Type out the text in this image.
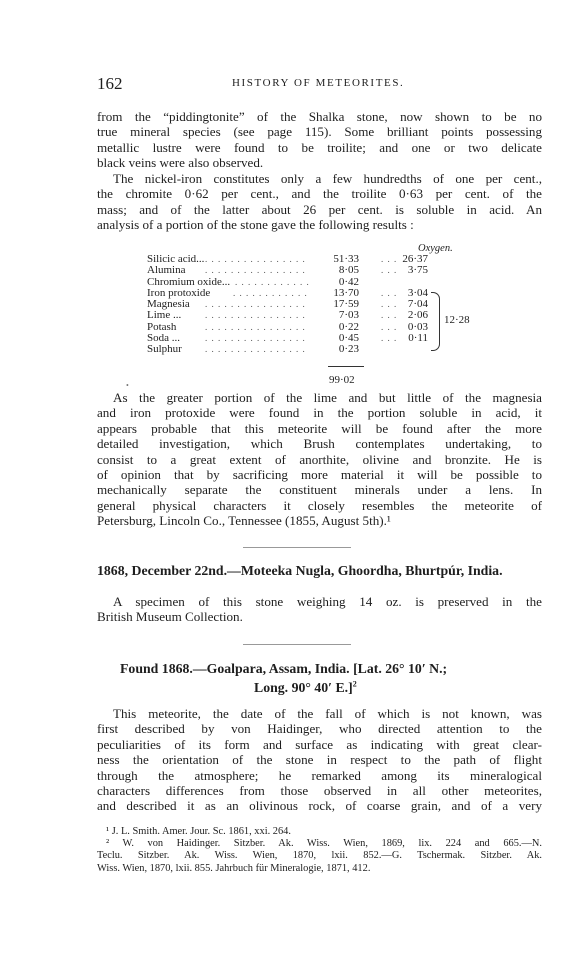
162	HISTORY OF METEORITES.
from the “piddingtonite” of the Shalka stone, now shown to be no
true mineral species (see page 115). Some brilliant points possessing
metallic lustre were found to be troilite; and one or two delicate
black veins were also observed.
The nickel-iron constitutes only a few hundredths of one per cent.,
the chromite 0·62 per cent., and the troilite 0·63 per cent. of the
mass; and of the latter about 26 per cent. is soluble in acid. An
analysis of a portion of the stone gave the following results :
Oxygen.
Silicic acid... . . . . . . . . . . . . . . . .	51·33 . . . 26·37
Alumina . . . . . . . . . . . . . . . .	8·05 . . . 3·75
Chromium oxide... . . . . . . . . . . . .	0·42
Iron protoxide	. . . . . . . . . . . .	13·70 . . . 3·04
Magnesia . . . . . . . . . . . . . . . .	17·59 . . . 7·04
Lime ...	. . . . . . . . . . . . . . . .	7·03 . . . 2·06
Potash	. . . . . . . . . . . . . . . .	0·22 . . . 0·03
Soda ...	. . . . . . . . . . . . . . . .	0·45 . . . 0·11
Sulphur	. . . . . . . . . . . . . . . .	0·23
12·28
99·02
•
As the greater portion of the lime and but little of the magnesia
and iron protoxide were found in the portion soluble in acid, it
appears probable that this meteorite will be found after the more
detailed investigation, which Brush contemplates undertaking, to
consist to a great extent of anorthite, olivine and bronzite. He is
of opinion that by sacrificing more material it will be possible to
mechanically separate the constituent minerals under a lens. In
general physical characters it closely resembles the meteorite of
Petersburg, Lincoln Co., Tennessee (1855, August 5th).¹
1868, December 22nd.—Moteeka Nugla, Ghoordha, Bhurtpúr, India.
A specimen of this stone weighing 14 oz. is preserved in the
British Museum Collection.
Found 1868.—Goalpara, Assam, India. [Lat. 26° 10′ N.;
Long. 90° 40′ E.]$^2$
This meteorite, the date of the fall of which is not known, was
first described by von Haidinger, who directed attention to the
peculiarities of its form and surface as indicating with great clear-
ness the orientation of the stone in respect to the path of flight
through the atmosphere; he remarked among its mineralogical
characters differences from those observed in all other meteorites,
and described it as an olivinous rock, of coarse grain, and of a very
¹ J. L. Smith. Amer. Jour. Sc. 1861, xxi. 264.
² W. von Haidinger. Sitzber. Ak. Wiss. Wien, 1869, lix. 224 and 665.—N.
Teclu. Sitzber. Ak. Wiss. Wien, 1870, lxii. 852.—G. Tschermak. Sitzber. Ak.
Wiss. Wien, 1870, lxii. 855. Jahrbuch für Mineralogie, 1871, 412.
